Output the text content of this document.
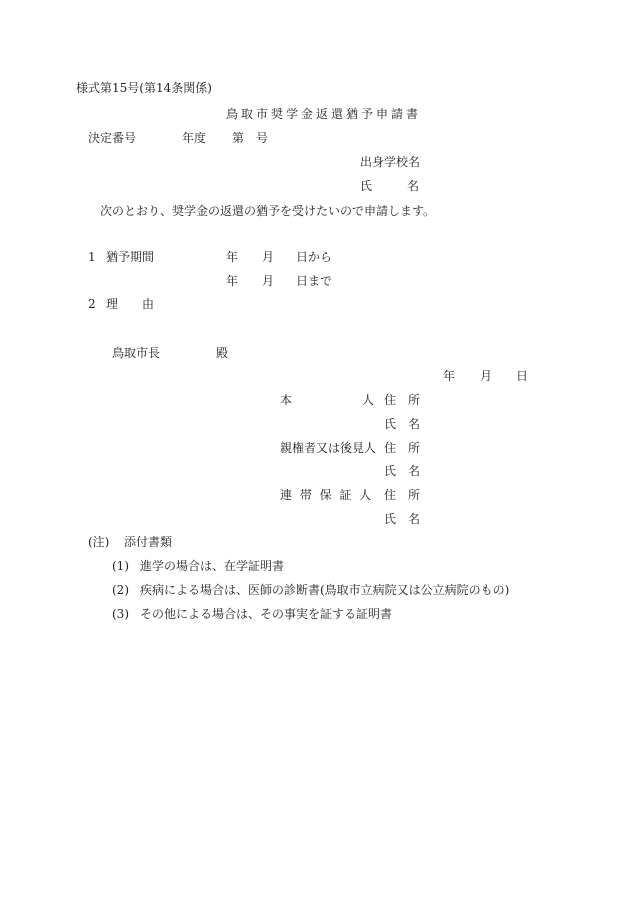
様式第15号(第14条関係)
鳥取市奨学金返還猶予申請書
決定番号	年度 第 号
出身学校名
氏	名
次のとおり、奨学金の返還の猶予を受けたいので申請します。
1 猶予期間	年 月 日から
年 月 日まで
2 理 由
鳥取市長	殿
年 月 日
本	人 住 所
氏 名
親権者又は後見人 住 所
氏 名
連 帯 保 証 人 住 所
氏 名
(注) 添付書類
(1) 進学の場合は、在学証明書
(2) 疾病による場合は、医師の診断書(鳥取市立病院又は公立病院のもの)
(3) その他による場合は、その事実を証する証明書
